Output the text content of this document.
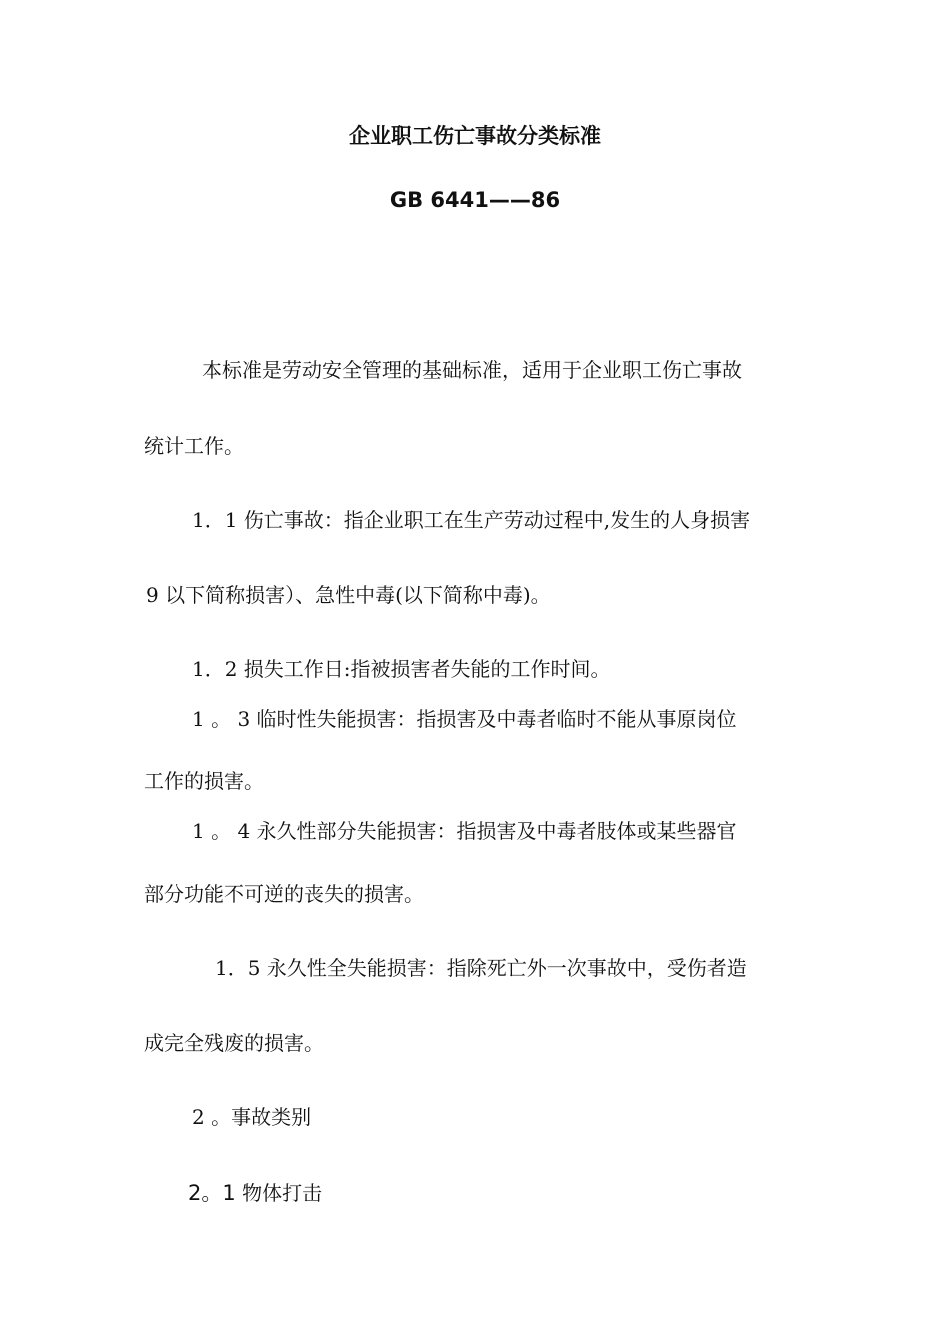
企业职工伤亡事故分类标准
GB 6441——86
本标准是劳动安全管理的基础标准，适用于企业职工伤亡事故
统计工作。
1．1 伤亡事故：指企业职工在生产劳动过程中,发生的人身损害
9 以下简称损害）、急性中毒(以下简称中毒)。
1．2 损失工作日:指被损害者失能的工作时间。
1 。 3 临时性失能损害：指损害及中毒者临时不能从事原岗位
工作的损害。
1 。 4 永久性部分失能损害：指损害及中毒者肢体或某些器官
部分功能不可逆的丧失的损害。
1．5 永久性全失能损害：指除死亡外一次事故中，受伤者造
成完全残废的损害。
2 。事故类别
2。1 物体打击
